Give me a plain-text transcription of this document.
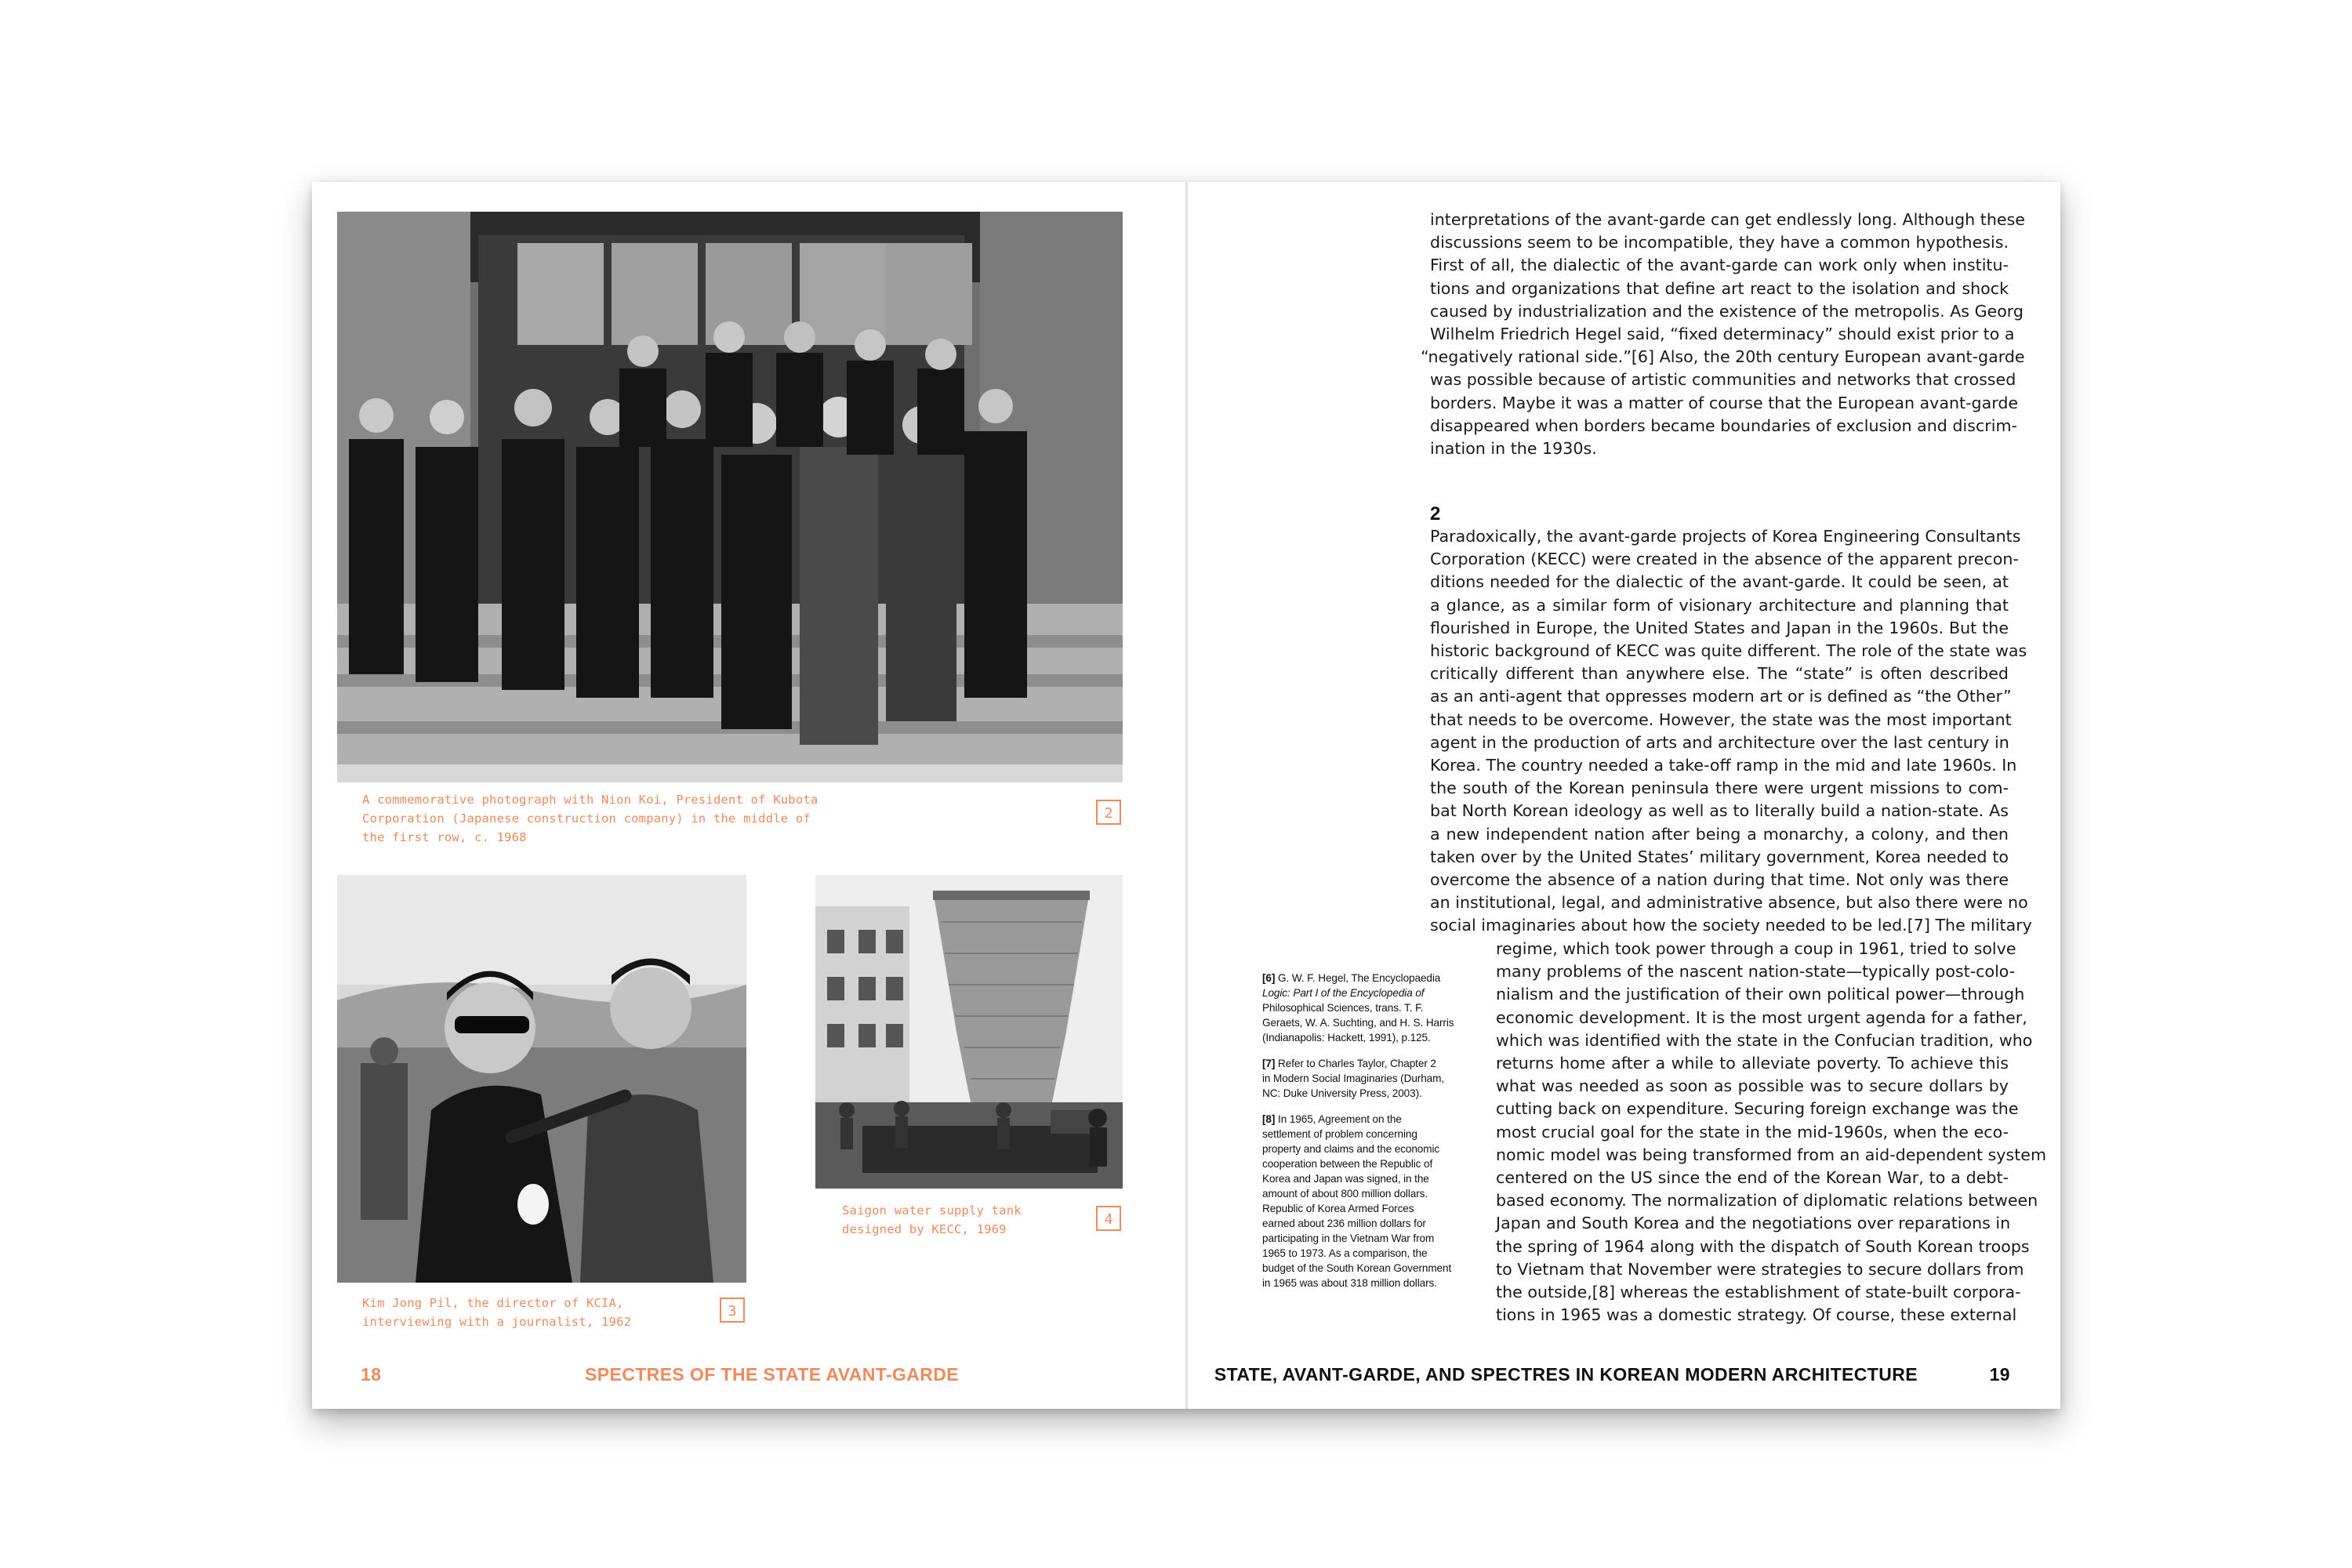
A commemorative photograph with Nion Koi, President of Kubota
Corporation (Japanese construction company) in the middle of
the first row, c. 1968
2
Kim Jong Pil, the director of KCIA,
interviewing with a journalist, 1962
3
Saigon water supply tank
designed by KECC, 1969
4
18	SPECTRES OF THE STATE AVANT-GARDE
interpretations of the avant-garde can get endlessly long. Although these
discussions seem to be incompatible, they have a common hypothesis.
First of all, the dialectic of the avant-garde can work only when institu-
tions and organizations that define art react to the isolation and shock
caused by industrialization and the existence of the metropolis. As Georg
Wilhelm Friedrich Hegel said, “fixed determinacy” should exist prior to a
“negatively rational side.”[6] Also, the 20th century European avant-garde
was possible because of artistic communities and networks that crossed
borders. Maybe it was a matter of course that the European avant-garde
disappeared when borders became boundaries of exclusion and discrim-
ination in the 1930s.
2
Paradoxically, the avant-garde projects of Korea Engineering Consultants
Corporation (KECC) were created in the absence of the apparent precon-
ditions needed for the dialectic of the avant-garde. It could be seen, at
a glance, as a similar form of visionary architecture and planning that
flourished in Europe, the United States and Japan in the 1960s. But the
historic background of KECC was quite different. The role of the state was
critically different than anywhere else. The “state” is often described
as an anti-agent that oppresses modern art or is defined as “the Other”
that needs to be overcome. However, the state was the most important
agent in the production of arts and architecture over the last century in
Korea. The country needed a take-off ramp in the mid and late 1960s. In
the south of the Korean peninsula there were urgent missions to com-
bat North Korean ideology as well as to literally build a nation-state. As
a new independent nation after being a monarchy, a colony, and then
taken over by the United States’ military government, Korea needed to
overcome the absence of a nation during that time. Not only was there
an institutional, legal, and administrative absence, but also there were no
social imaginaries about how the society needed to be led.[7] The military
regime, which took power through a coup in 1961, tried to solve
many problems of the nascent nation-state—typically post-colo-
nialism and the justification of their own political power—through
economic development. It is the most urgent agenda for a father,
which was identified with the state in the Confucian tradition, who
returns home after a while to alleviate poverty. To achieve this
what was needed as soon as possible was to secure dollars by
cutting back on expenditure. Securing foreign exchange was the
most crucial goal for the state in the mid-1960s, when the eco-
nomic model was being transformed from an aid-dependent system
centered on the US since the end of the Korean War, to a debt-
based economy. The normalization of diplomatic relations between
Japan and South Korea and the negotiations over reparations in
the spring of 1964 along with the dispatch of South Korean troops
to Vietnam that November were strategies to secure dollars from
the outside,[8] whereas the establishment of state-built corpora-
tions in 1965 was a domestic strategy. Of course, these external
[6] G. W. F. Hegel, The Encyclopaedia
Logic: Part I of the Encyclopedia of
Philosophical Sciences, trans. T. F.
Geraets, W. A. Suchting, and H. S. Harris
(Indianapolis: Hackett, 1991), p.125.
[7] Refer to Charles Taylor, Chapter 2
in Modern Social Imaginaries (Durham,
NC: Duke University Press, 2003).
[8] In 1965, Agreement on the
settlement of problem concerning
property and claims and the economic
cooperation between the Republic of
Korea and Japan was signed, in the
amount of about 800 million dollars.
Republic of Korea Armed Forces
earned about 236 million dollars for
participating in the Vietnam War from
1965 to 1973. As a comparison, the
budget of the South Korean Government
in 1965 was about 318 million dollars.
STATE, AVANT-GARDE, AND SPECTRES IN KOREAN MODERN ARCHITECTURE	19
